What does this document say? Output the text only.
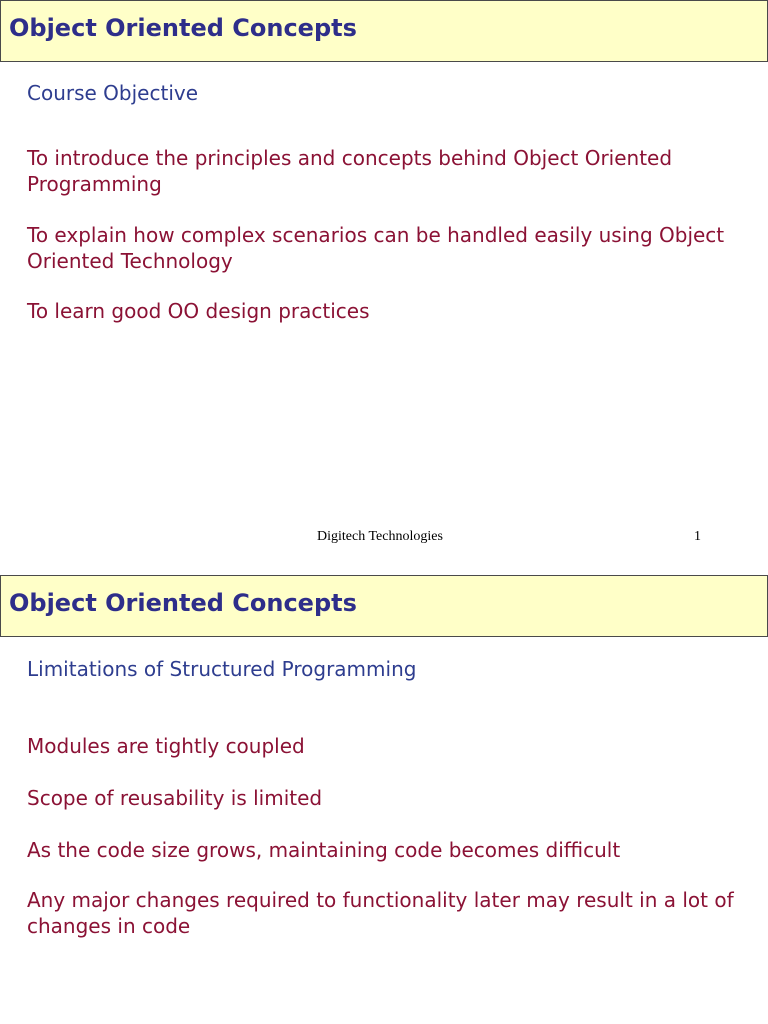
Object Oriented Concepts
Course Objective
To introduce the principles and concepts behind Object Oriented Programming
To explain how complex scenarios can be handled easily using Object Oriented Technology
To learn good OO design practices
Digitech Technologies	1
Object Oriented Concepts
Limitations of Structured Programming
Modules are tightly coupled
Scope of reusability is limited
As the code size grows, maintaining code becomes difficult
Any major changes required to functionality later may result in a lot of changes in code
